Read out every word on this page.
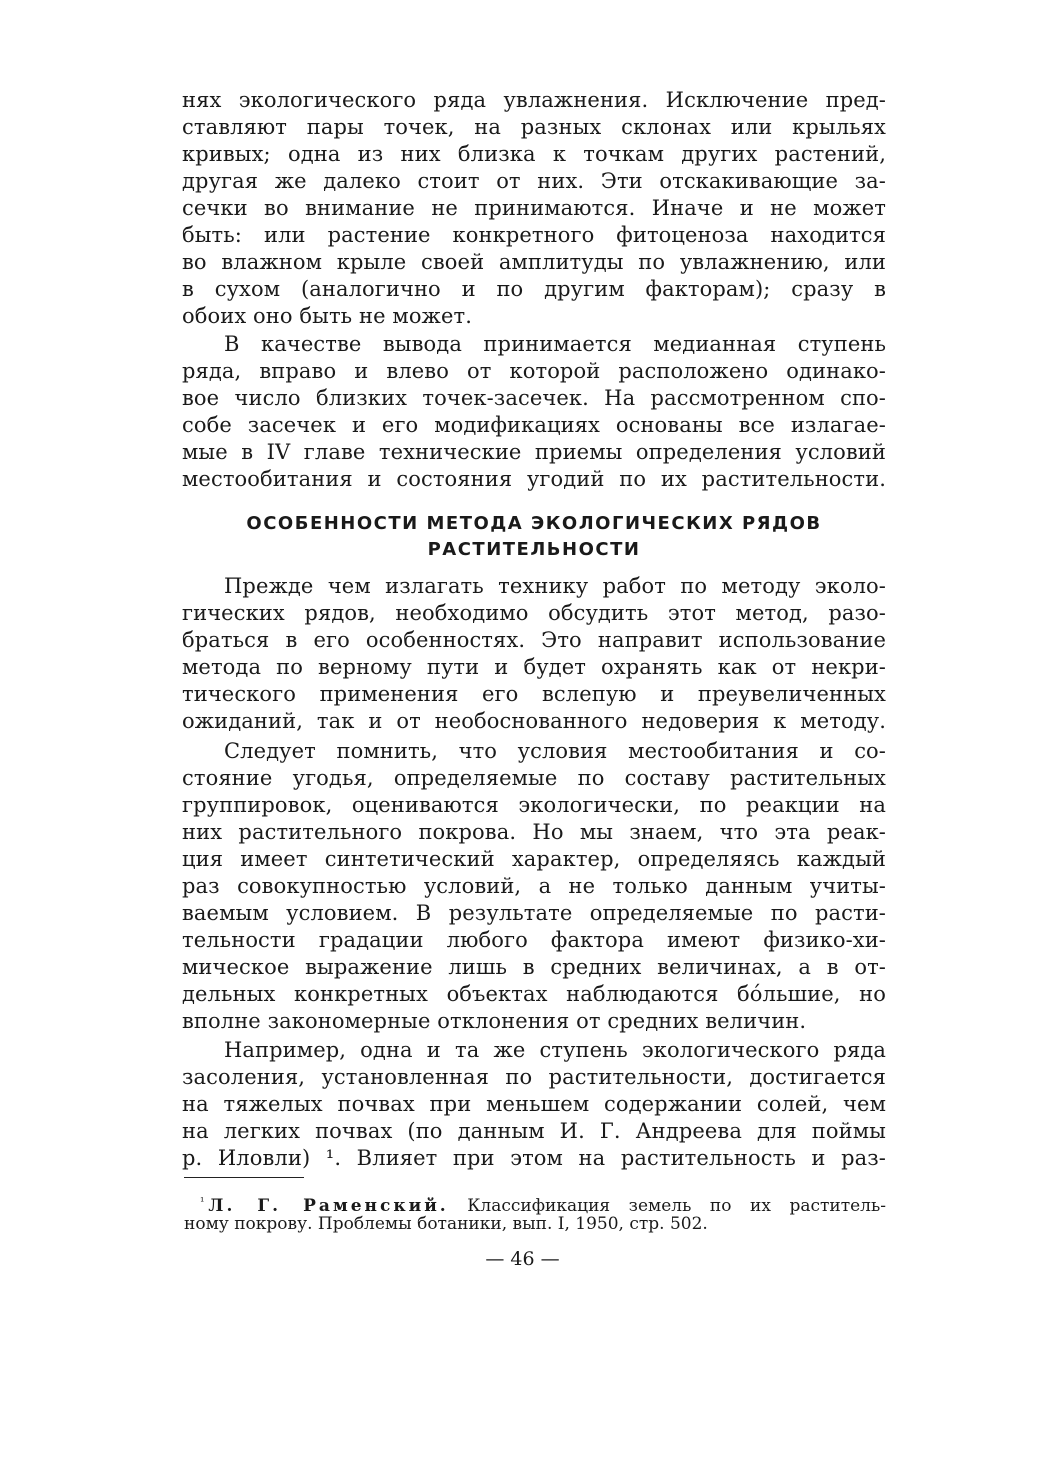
нях экологического ряда увлажнения. Исключение пред-
ставляют пары точек, на разных склонах или крыльях
кривых; одна из них близка к точкам других растений,
другая же далеко стоит от них. Эти отскакивающие за-
сечки во внимание не принимаются. Иначе и не может
быть: или растение конкретного фитоценоза находится
во влажном крыле своей амплитуды по увлажнению, или
в сухом (аналогично и по другим факторам); сразу в
обоих оно быть не может.
В качестве вывода принимается медианная ступень
ряда, вправо и влево от которой расположено одинако-
вое число близких точек-засечек. На рассмотренном спо-
собе засечек и его модификациях основаны все излагае-
мые в IV главе технические приемы определения условий
местообитания и состояния угодий по их растительности.
ОСОБЕННОСТИ МЕТОДА ЭКОЛОГИЧЕСКИХ РЯДОВ
РАСТИТЕЛЬНОСТИ
Прежде чем излагать технику работ по методу эколо-
гических рядов, необходимо обсудить этот метод, разо-
браться в его особенностях. Это направит использование
метода по верному пути и будет охранять как от некри-
тического применения его вслепую и преувеличенных
ожиданий, так и от необоснованного недоверия к методу.
Следует помнить, что условия местообитания и со-
стояние угодья, определяемые по составу растительных
группировок, оцениваются экологически, по реакции на
них растительного покрова. Но мы знаем, что эта реак-
ция имеет синтетический характер, определяясь каждый
раз совокупностью условий, а не только данным учиты-
ваемым условием. В результате определяемые по расти-
тельности градации любого фактора имеют физико-хи-
мическое выражение лишь в средних величинах, а в от-
дельных конкретных объектах наблюдаются бóльшие, но
вполне закономерные отклонения от средних величин.
Например, одна и та же ступень экологического ряда
засоления, установленная по растительности, достигается
на тяжелых почвах при меньшем содержании солей, чем
на легких почвах (по данным И. Г. Андреева для поймы
р. Иловли) ¹. Влияет при этом на растительность и раз-
$^{^1}$ Л. Г. Раменский. Классификация земель по их раститель-
ному покрову. Проблемы ботаники, вып. I, 1950, стр. 502.
— 46 —
